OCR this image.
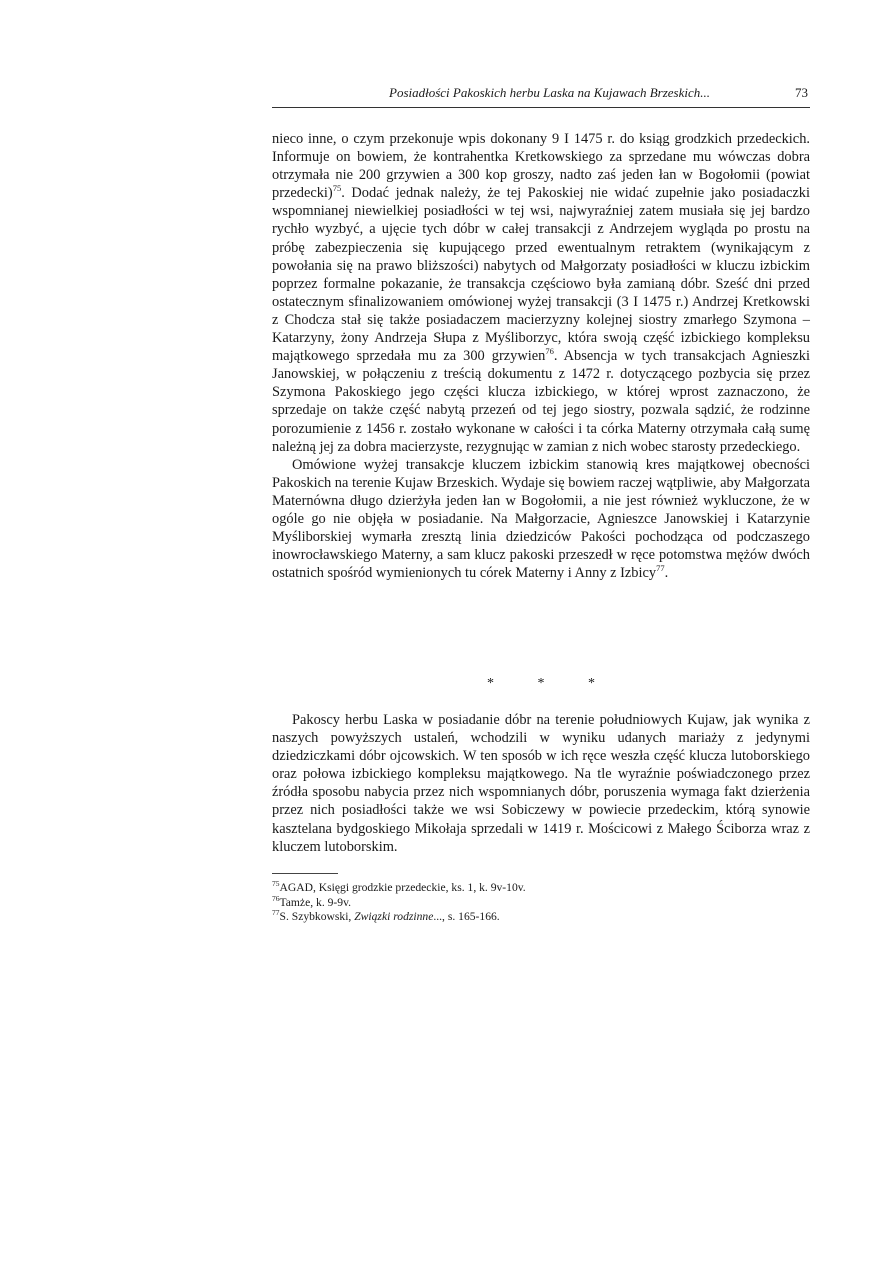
Posiadłości Pakoskich herbu Laska na Kujawach Brzeskich...	73

nieco inne, o czym przekonuje wpis dokonany 9 I 1475 r. do ksiąg grodzkich przedeckich. Informuje on bowiem, że kontrahentka Kretkowskiego za sprzedane mu wówczas dobra otrzymała nie 200 grzywien a 300 kop groszy, nadto zaś jeden łan w Bogołomii (powiat przedecki)$^{75}$. Dodać jednak należy, że tej Pakoskiej nie widać zupełnie jako posiadaczki wspomnianej niewielkiej posiadłości w tej wsi, najwyraźniej zatem musiała się jej bardzo rychło wyzbyć, a ujęcie tych dóbr w całej transakcji z Andrzejem wygląda po prostu na próbę zabezpieczenia się kupującego przed ewentualnym retraktem (wynikającym z powołania się na prawo bliższości) nabytych od Małgorzaty posiadłości w kluczu izbickim poprzez formalne pokazanie, że transakcja częściowo była zamianą dóbr. Sześć dni przed ostatecznym sfinalizowaniem omówionej wyżej transakcji (3 I 1475 r.) Andrzej Kretkowski z Chodcza stał się także posiadaczem macierzyzny kolejnej siostry zmarłego Szymona – Katarzyny, żony Andrzeja Słupa z Myśliborzyc, która swoją część izbickiego kompleksu majątkowego sprzedała mu za 300 grzywien$^{76}$. Absencja w tych transakcjach Agnieszki Janowskiej, w połączeniu z treścią dokumentu z 1472 r. dotyczącego pozbycia się przez Szymona Pakoskiego jego części klucza izbickiego, w której wprost zaznaczono, że sprzedaje on także część nabytą przezeń od tej jego siostry, pozwala sądzić, że rodzinne porozumienie z 1456 r. zostało wykonane w całości i ta córka Materny otrzymała całą sumę należną jej za dobra macierzyste, rezygnując w zamian z nich wobec starosty przedeckiego.

Omówione wyżej transakcje kluczem izbickim stanowią kres majątkowej obecności Pakoskich na terenie Kujaw Brzeskich. Wydaje się bowiem raczej wątpliwie, aby Małgorzata Maternówna długo dzierżyła jeden łan w Bogołomii, a nie jest również wykluczone, że w ogóle go nie objęła w posiadanie. Na Małgorzacie, Agnieszce Janowskiej i Katarzynie Myśliborskiej wymarła zresztą linia dziedziców Pakości pochodząca od podczaszego inowrocławskiego Materny, a sam klucz pakoski przeszedł w ręce potomstwa mężów dwóch ostatnich spośród wymienionych tu córek Materny i Anny z Izbicy$^{77}$.

* * *

Pakoscy herbu Laska w posiadanie dóbr na terenie południowych Kujaw, jak wynika z naszych powyższych ustaleń, wchodzili w wyniku udanych mariaży z jedynymi dziedziczkami dóbr ojcowskich. W ten sposób w ich ręce weszła część klucza lutoborskiego oraz połowa izbickiego kompleksu majątkowego. Na tle wyraźnie poświadczonego przez źródła sposobu nabycia przez nich wspomnianych dóbr, poruszenia wymaga fakt dzierżenia przez nich posiadłości także we wsi Sobiczewy w powiecie przedeckim, którą synowie kasztelana bydgoskiego Mikołaja sprzedali w 1419 r. Mościcowi z Małego Ściborza wraz z kluczem lutoborskim.

$^{75}$AGAD, Księgi grodzkie przedeckie, ks. 1, k. 9v-10v.

$^{76}$Tamże, k. 9-9v.

$^{77}$S. Szybkowski, Związki rodzinne..., s. 165-166.
